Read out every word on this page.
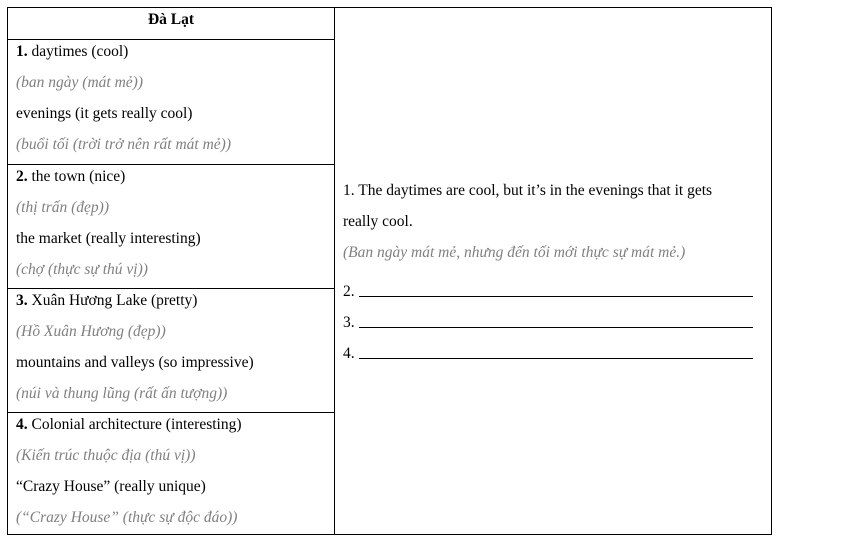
Đà Lạt
1. daytimes (cool)
(ban ngày (mát mẻ))
evenings (it gets really cool)
(buổi tối (trời trở nên rất mát mẻ))
2. the town (nice)
(thị trấn (đẹp))
the market (really interesting)
(chợ (thực sự thú vị))
3. Xuân Hương Lake (pretty)
(Hồ Xuân Hương (đẹp))
mountains and valleys (so impressive)
(núi và thung lũng (rất ấn tượng))
4. Colonial architecture (interesting)
(Kiến trúc thuộc địa (thú vị))
“Crazy House” (really unique)
(“Crazy House” (thực sự độc đáo))
1. The daytimes are cool, but it’s in the evenings that it gets
really cool.
(Ban ngày mát mẻ, nhưng đến tối mới thực sự mát mẻ.)
2.
3.
4.
